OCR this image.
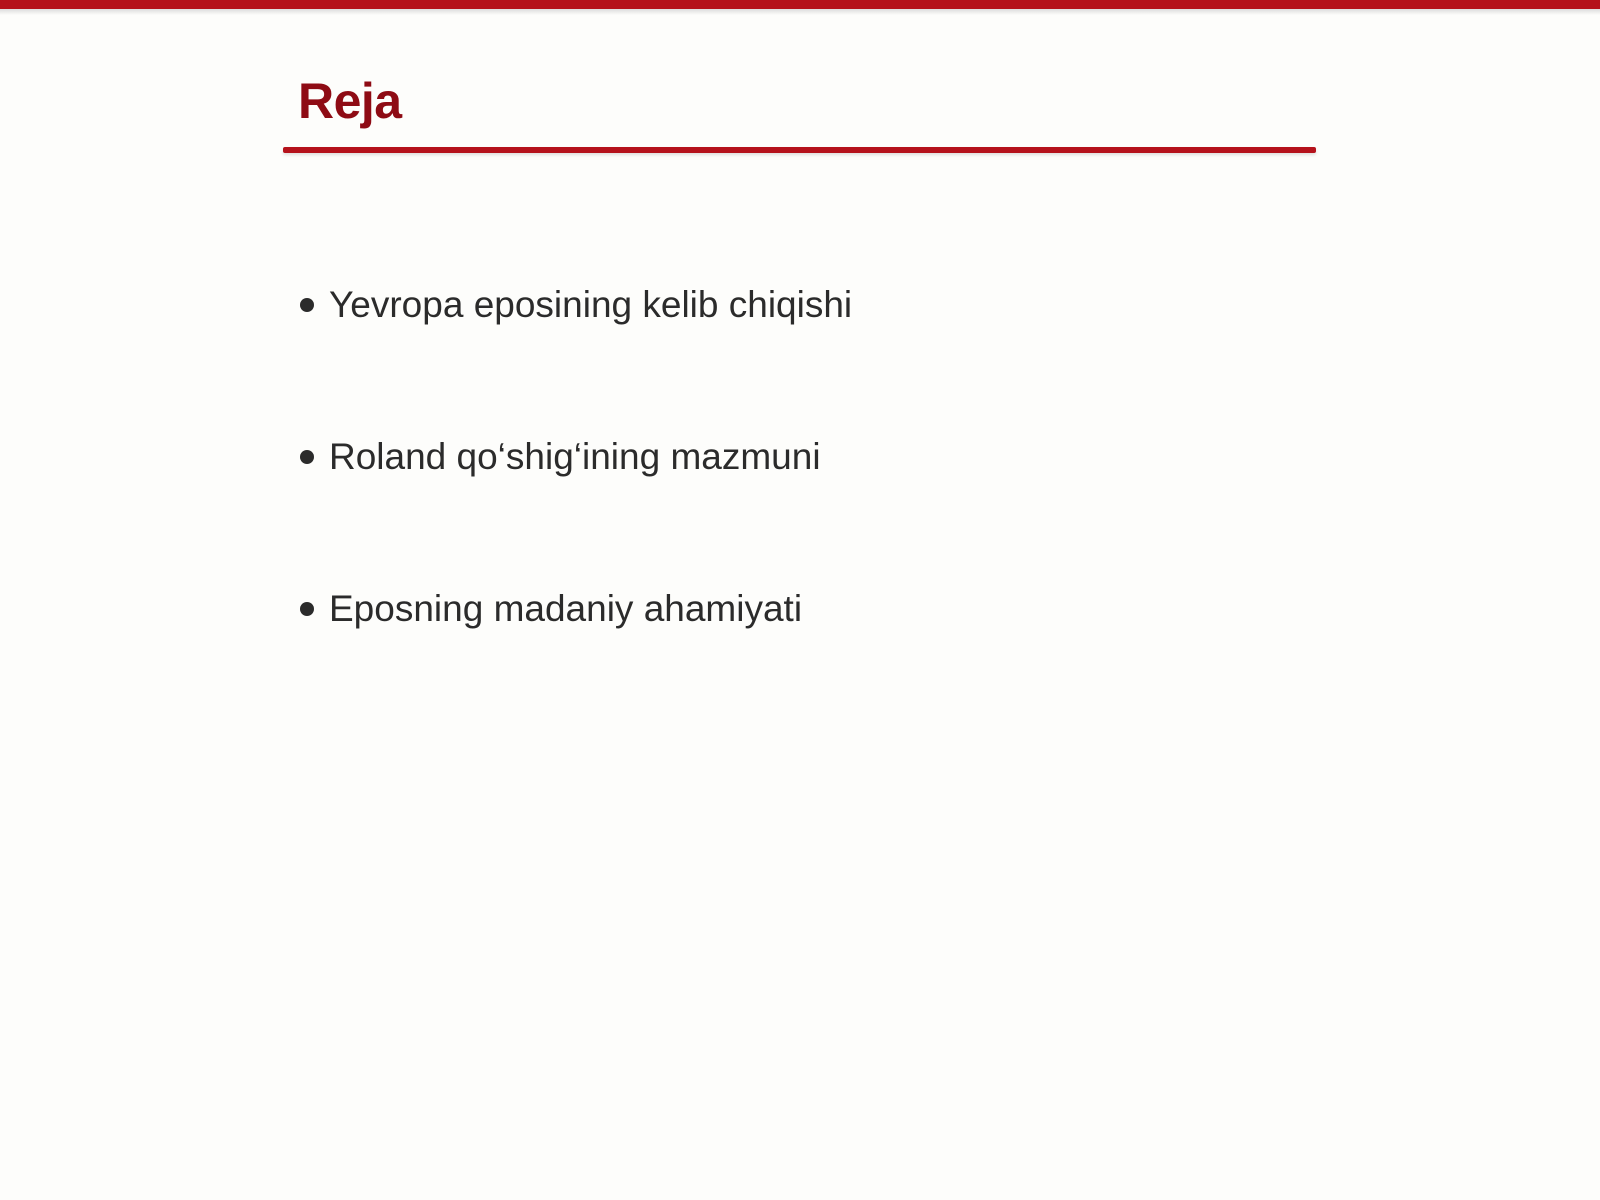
Reja
Yevropa eposining kelib chiqishi
Roland qo‘shig‘ining mazmuni
Eposning madaniy ahamiyati
